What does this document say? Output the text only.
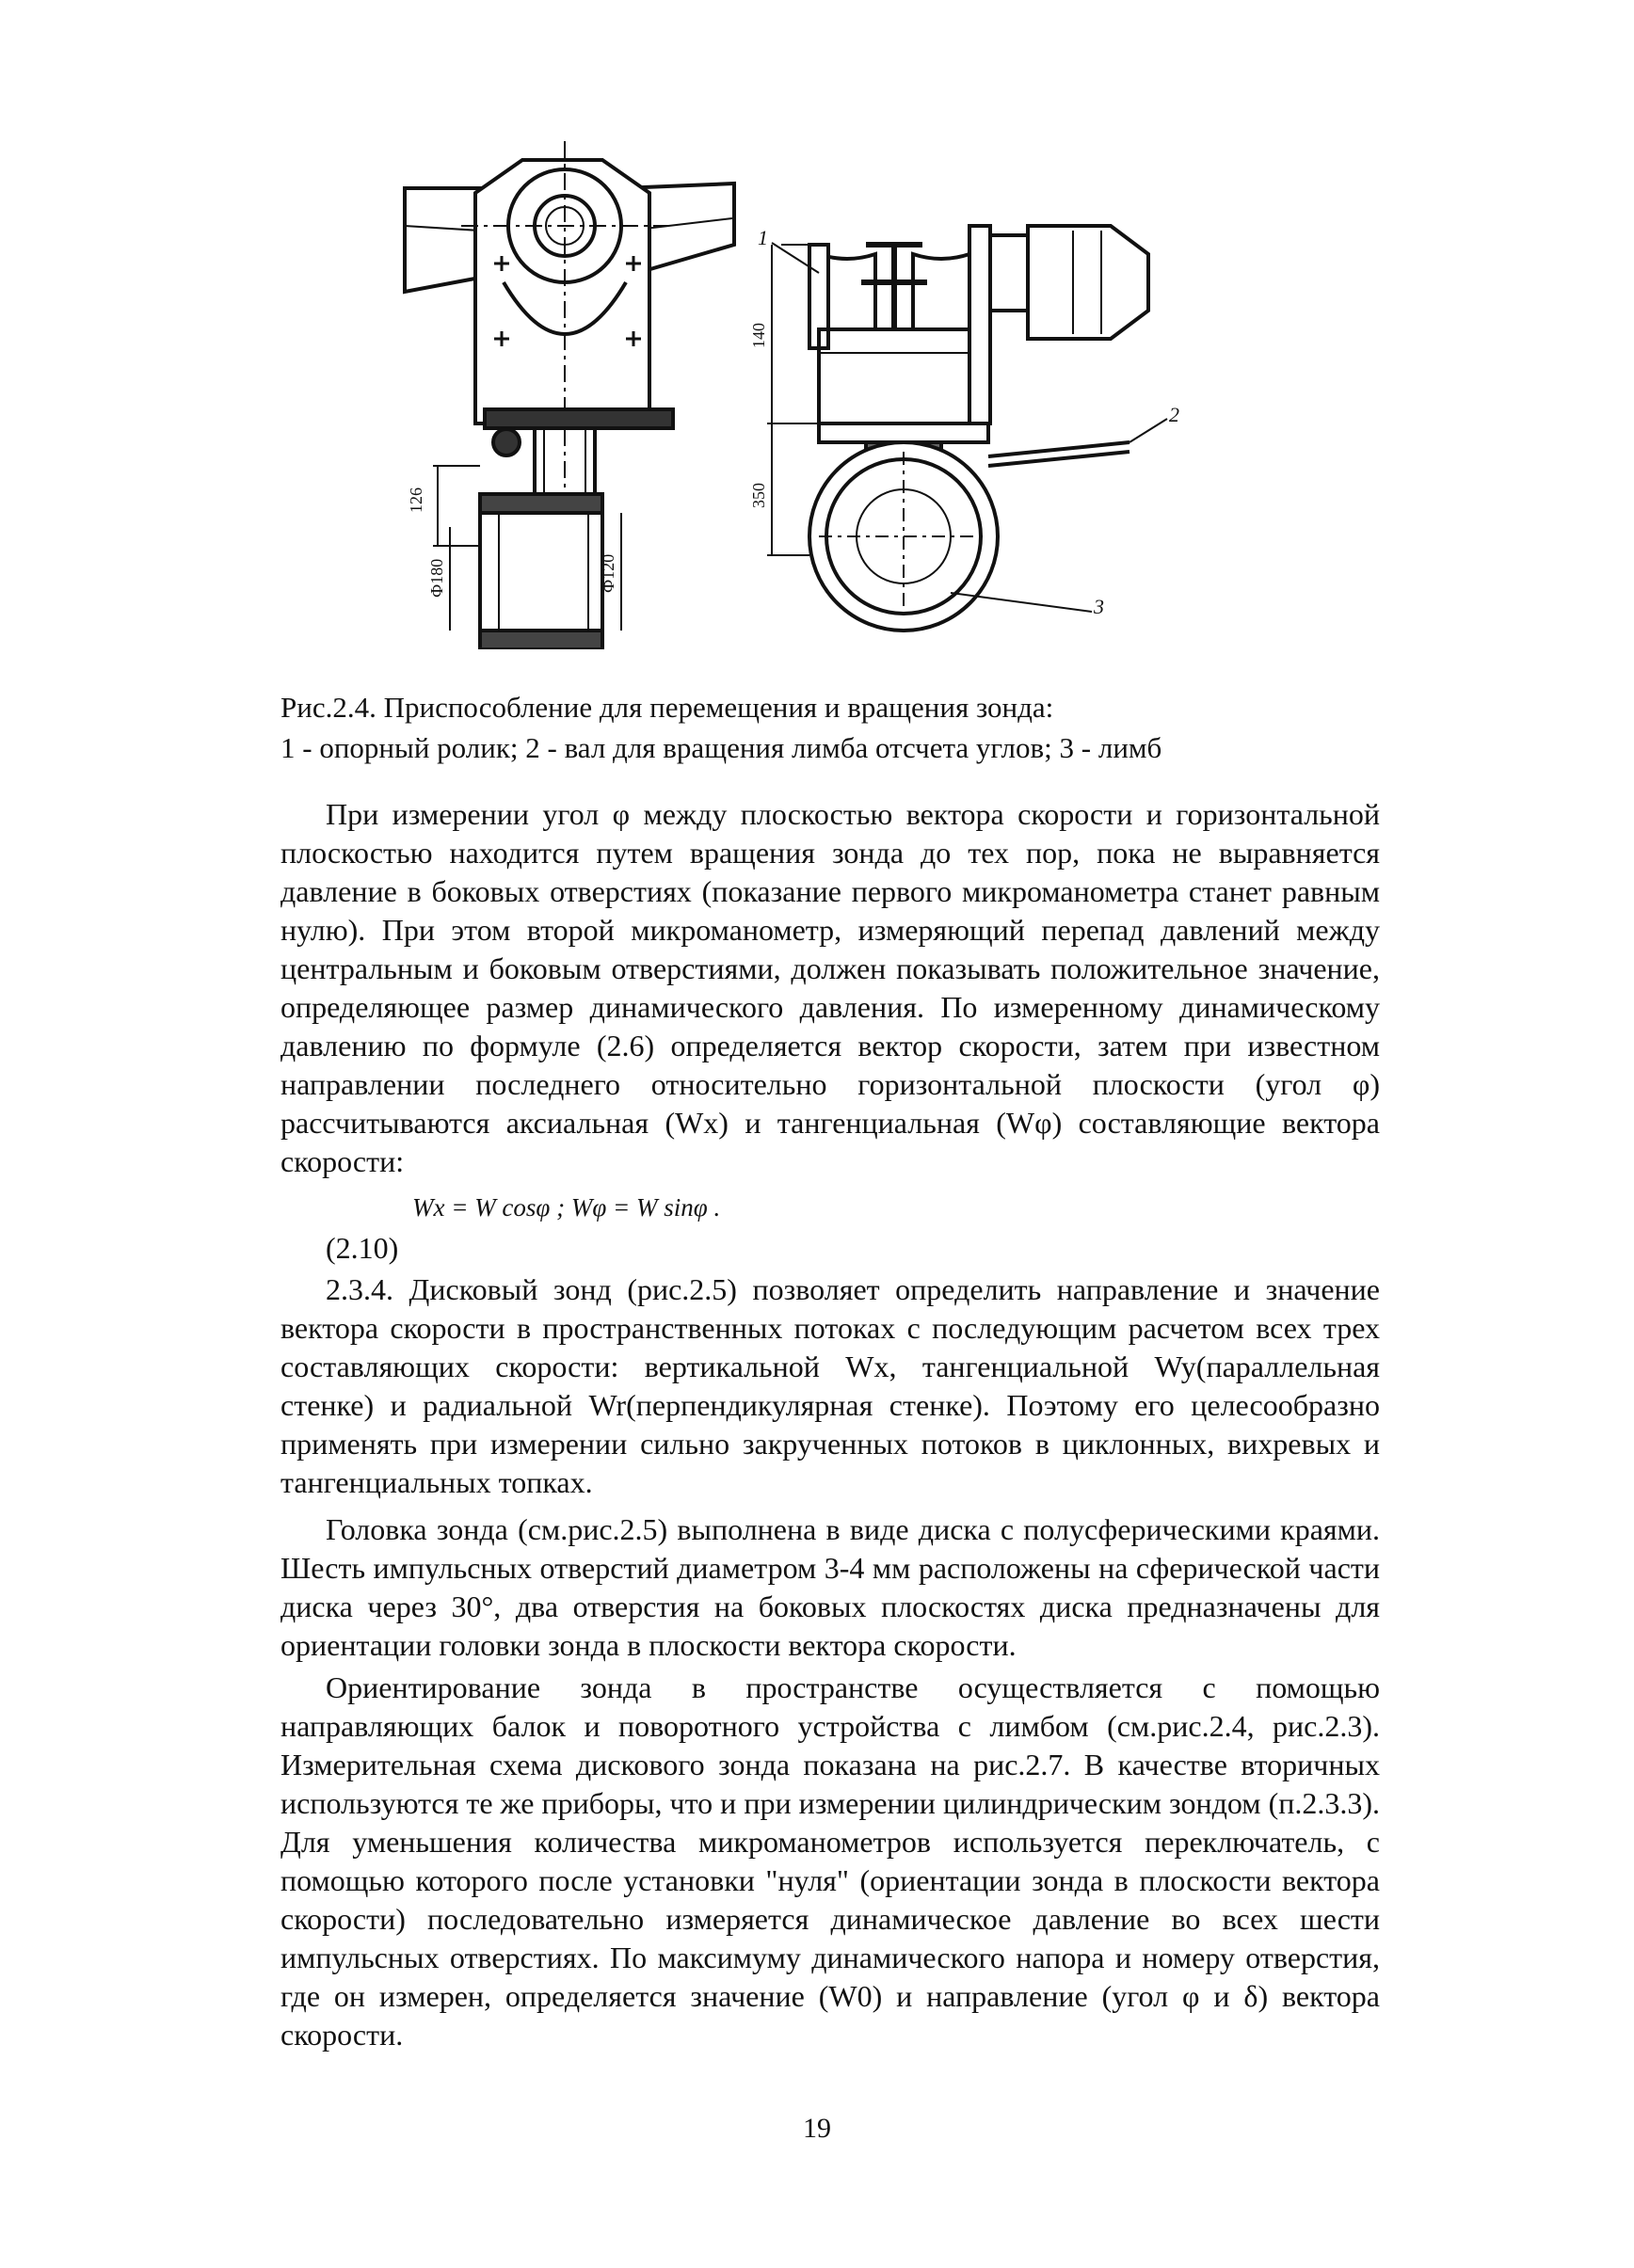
126
Ф180	Ф120
140
350
1
2
3
Рис.2.4. Приспособление для перемещения и вращения зонда:
1 - опорный ролик; 2 - вал для вращения лимба отсчета углов; 3 - лимб

При измерении угол φ между плоскостью вектора скорости и горизонтальной плоскостью находится путем вращения зонда до тех пор, пока не выравняется давление в боковых отверстиях (показание первого микроманометра станет равным нулю). При этом второй микроманометр, измеряющий перепад давлений между центральным и боковым отверстиями, должен показывать положительное значение, определяющее размер динамического давления. По измеренному динамическому давлению по формуле (2.6) определяется вектор скорости, затем при известном направлении последнего относительно горизонтальной плоскости (угол φ) рассчитываются аксиальная (Wx) и тангенциальная (Wφ) составляющие вектора скорости:

Wx = W cosφ ; Wφ = W sinφ .
(2.10)

2.3.4. Дисковый зонд (рис.2.5) позволяет определить направление и значение вектора скорости в пространственных потоках с последующим расчетом всех трех составляющих скорости: вертикальной Wx, тангенциальной Wy(параллельная стенке) и радиальной Wr(перпендикулярная стенке). Поэтому его целесообразно применять при измерении сильно закрученных потоков в циклонных, вихревых и тангенциальных топках.

Головка зонда (см.рис.2.5) выполнена в виде диска с полусферическими краями. Шесть импульсных отверстий диаметром 3-4 мм расположены на сферической части диска через 30°, два отверстия на боковых плоскостях диска предназначены для ориентации головки зонда в плоскости вектора скорости.

Ориентирование зонда в пространстве осуществляется с помощью направляющих балок и поворотного устройства с лимбом (см.рис.2.4, рис.2.3). Измерительная схема дискового зонда показана на рис.2.7. В качестве вторичных используются те же приборы, что и при измерении цилиндрическим зондом (п.2.3.3). Для уменьшения количества микроманометров используется переключатель, с помощью которого после установки "нуля" (ориентации зонда в плоскости вектора скорости) последовательно измеряется динамическое давление во всех шести импульсных отверстиях. По максимуму динамического напора и номеру отверстия, где он измерен, определяется значение (W0) и направление (угол φ и δ) вектора скорости.

19
